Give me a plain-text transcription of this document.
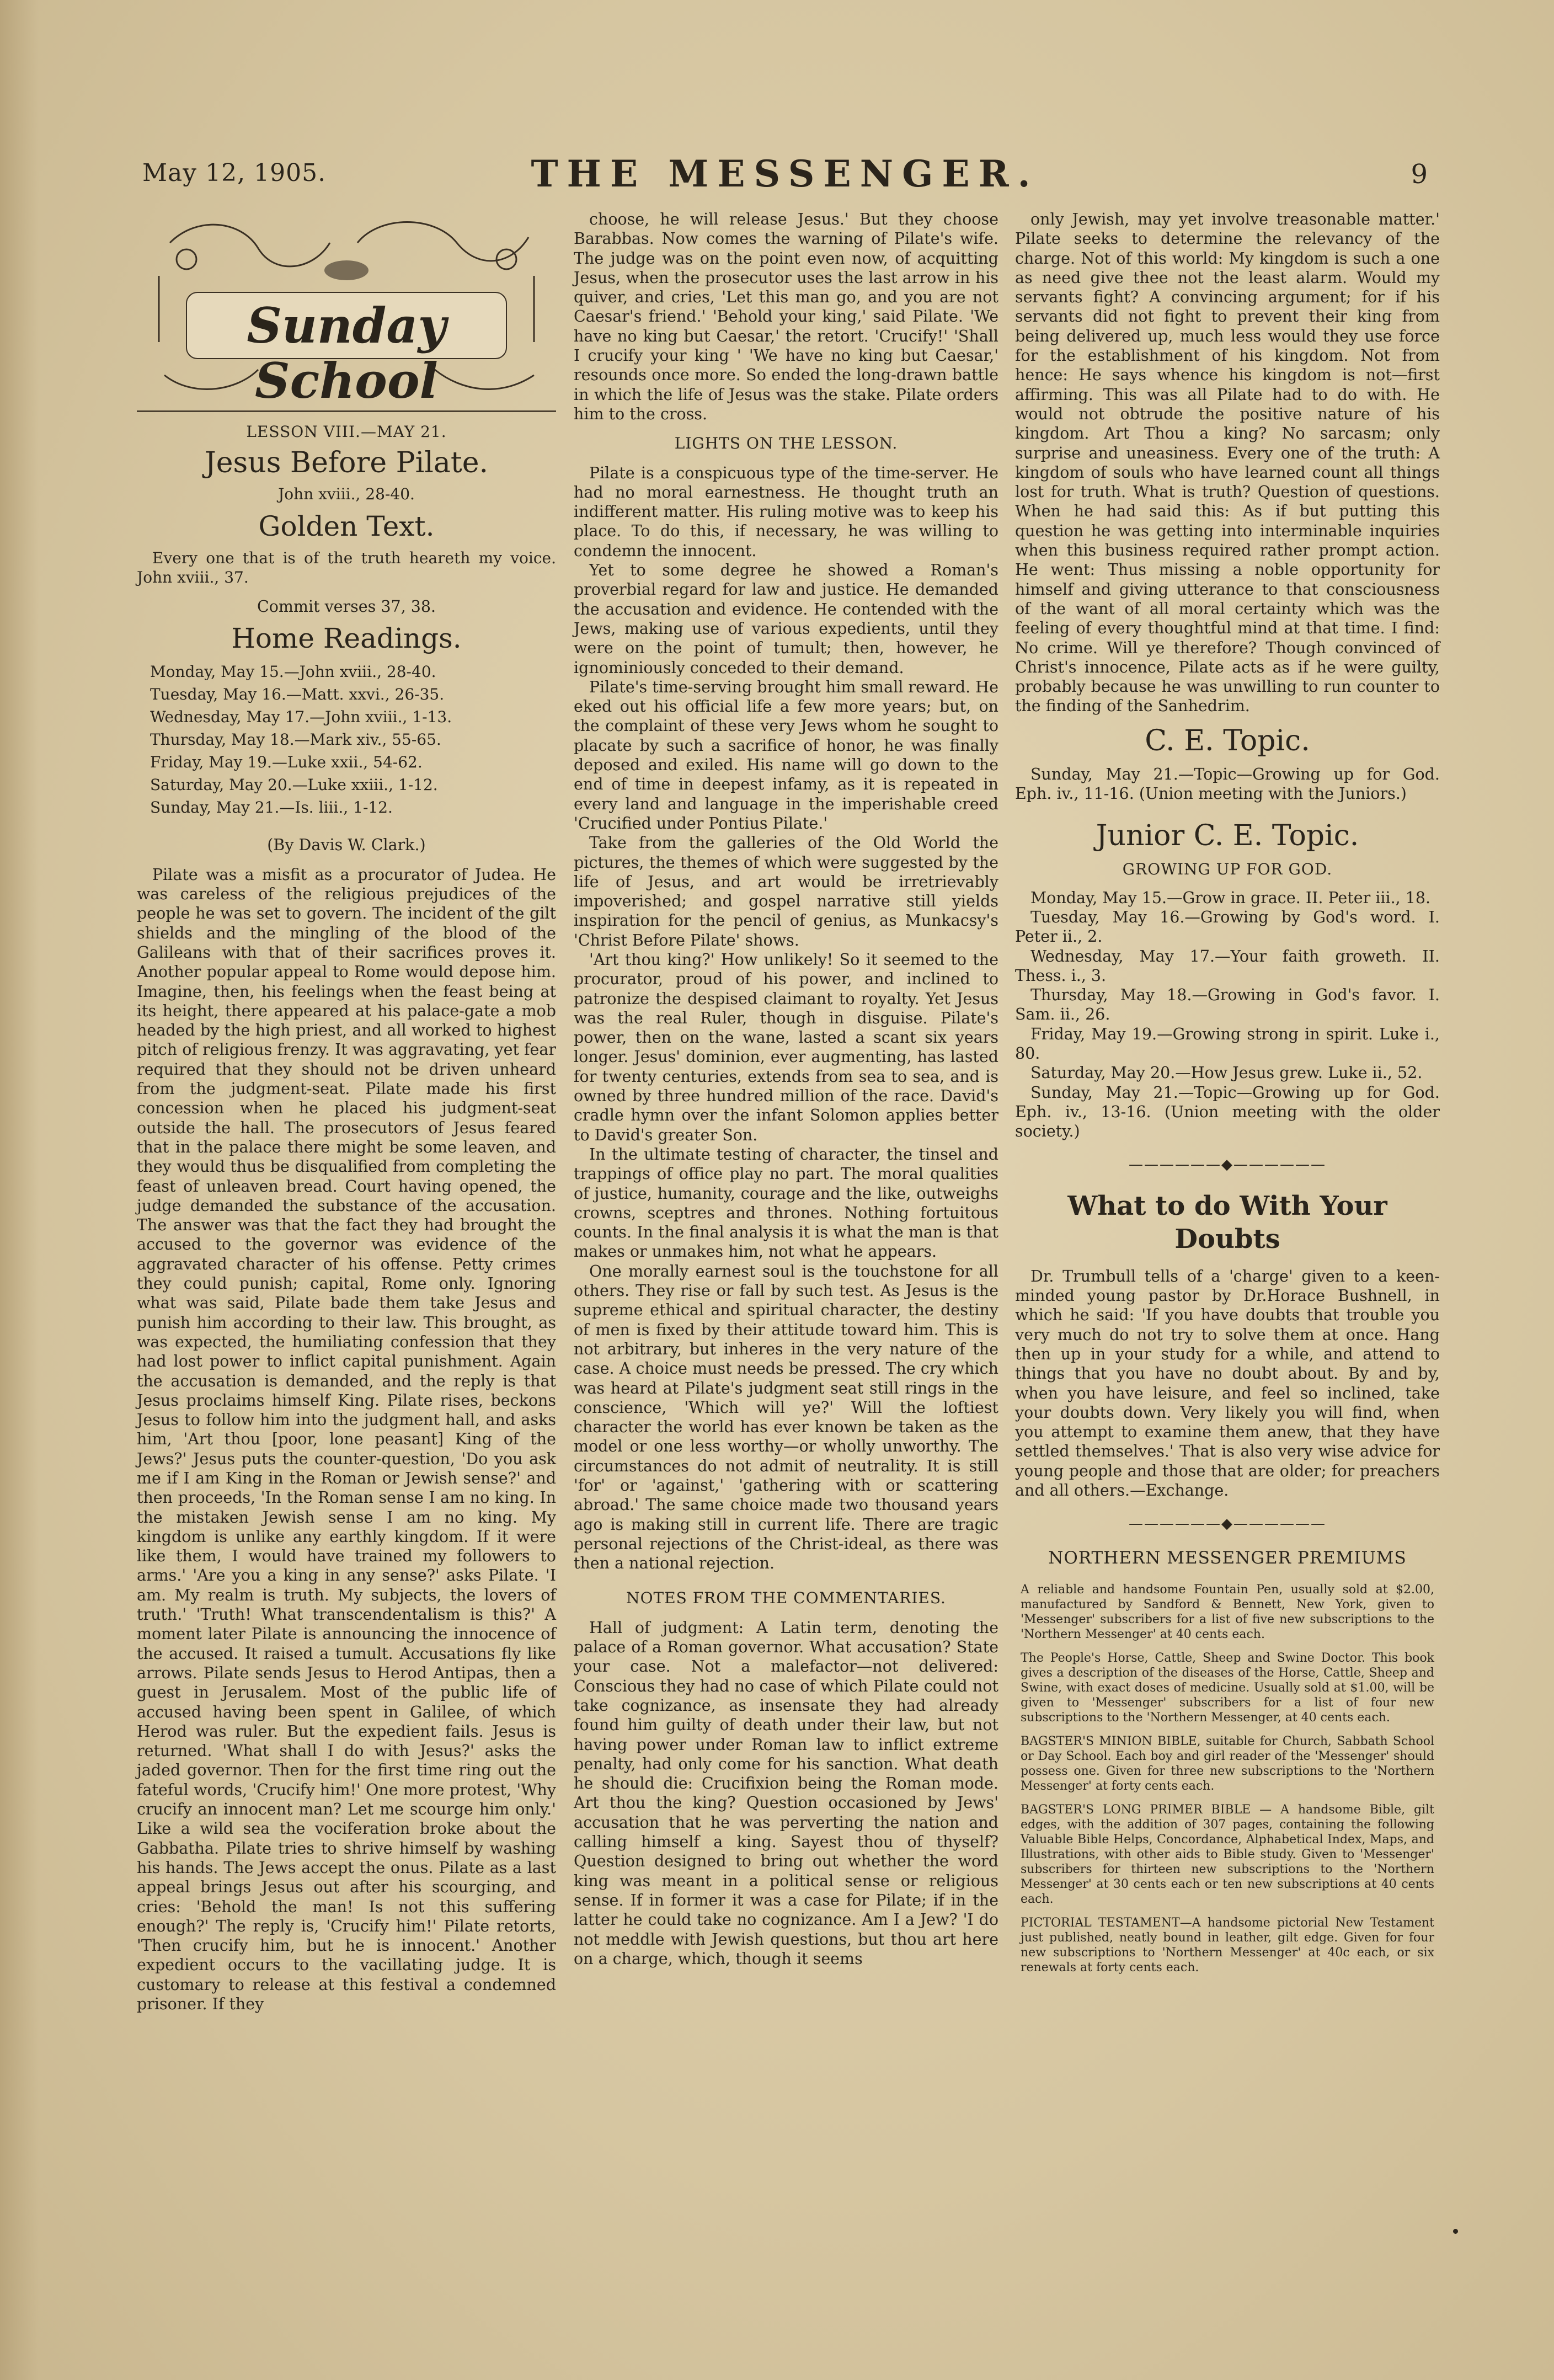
May 12, 1905.	THE MESSENGER.	9
Sunday School
LESSON VIII.—MAY 21.
Jesus Before Pilate.
John xviii., 28-40.
Golden Text.

Every one that is of the truth heareth my voice. John xviii., 37.

Commit verses 37, 38.
Home Readings.
Monday, May 15.—John xviii., 28-40.
Tuesday, May 16.—Matt. xxvi., 26-35.
Wednesday, May 17.—John xviii., 1-13.
Thursday, May 18.—Mark xiv., 55-65.
Friday, May 19.—Luke xxii., 54-62.
Saturday, May 20.—Luke xxiii., 1-12.
Sunday, May 21.—Is. liii., 1-12.
(By Davis W. Clark.)

Pilate was a misfit as a procurator of Judea. He was careless of the religious prejudices of the people he was set to govern. The incident of the gilt shields and the mingling of the blood of the Galileans with that of their sacrifices proves it. Another popular appeal to Rome would depose him. Imagine, then, his feelings when the feast being at its height, there appeared at his palace-gate a mob headed by the high priest, and all worked to highest pitch of religious frenzy. It was aggravating, yet fear required that they should not be driven unheard from the judgment-seat. Pilate made his first concession when he placed his judgment-seat outside the hall. The prosecutors of Jesus feared that in the palace there might be some leaven, and they would thus be disqualified from completing the feast of unleaven bread. Court having opened, the judge demanded the substance of the accusation. The answer was that the fact they had brought the accused to the governor was evidence of the aggravated character of his offense. Petty crimes they could punish; capital, Rome only. Ignoring what was said, Pilate bade them take Jesus and punish him according to their law. This brought, as was expected, the humiliating confession that they had lost power to inflict capital punishment. Again the accusation is demanded, and the reply is that Jesus proclaims himself King. Pilate rises, beckons Jesus to follow him into the judgment hall, and asks him, 'Art thou [poor, lone peasant] King of the Jews?' Jesus puts the counter-question, 'Do you ask me if I am King in the Roman or Jewish sense?' and then proceeds, 'In the Roman sense I am no king. In the mistaken Jewish sense I am no king. My kingdom is unlike any earthly kingdom. If it were like them, I would have trained my followers to arms.' 'Are you a king in any sense?' asks Pilate. 'I am. My realm is truth. My subjects, the lovers of truth.' 'Truth! What transcendentalism is this?' A moment later Pilate is announcing the innocence of the accused. It raised a tumult. Accusations fly like arrows. Pilate sends Jesus to Herod Antipas, then a guest in Jerusalem. Most of the public life of accused having been spent in Galilee, of which Herod was ruler. But the expedient fails. Jesus is returned. 'What shall I do with Jesus?' asks the jaded governor. Then for the first time ring out the fateful words, 'Crucify him!' One more protest, 'Why crucify an innocent man? Let me scourge him only.' Like a wild sea the vociferation broke about the Gabbatha. Pilate tries to shrive himself by washing his hands. The Jews accept the onus. Pilate as a last appeal brings Jesus out after his scourging, and cries: 'Behold the man! Is not this suffering enough?' The reply is, 'Crucify him!' Pilate retorts, 'Then crucify him, but he is innocent.' Another expedient occurs to the vacillating judge. It is customary to release at this festival a condemned prisoner. If they

choose, he will release Jesus.' But they choose Barabbas. Now comes the warning of Pilate's wife. The judge was on the point even now, of acquitting Jesus, when the prosecutor uses the last arrow in his quiver, and cries, 'Let this man go, and you are not Caesar's friend.' 'Behold your king,' said Pilate. 'We have no king but Caesar,' the retort. 'Crucify!' 'Shall I crucify your king ' 'We have no king but Caesar,' resounds once more. So ended the long-drawn battle in which the life of Jesus was the stake. Pilate orders him to the cross.

LIGHTS ON THE LESSON.

Pilate is a conspicuous type of the time-server. He had no moral earnestness. He thought truth an indifferent matter. His ruling motive was to keep his place. To do this, if necessary, he was willing to condemn the innocent.

Yet to some degree he showed a Roman's proverbial regard for law and justice. He demanded the accusation and evidence. He contended with the Jews, making use of various expedients, until they were on the point of tumult; then, however, he ignominiously conceded to their demand.

Pilate's time-serving brought him small reward. He eked out his official life a few more years; but, on the complaint of these very Jews whom he sought to placate by such a sacrifice of honor, he was finally deposed and exiled. His name will go down to the end of time in deepest infamy, as it is repeated in every land and language in the imperishable creed 'Crucified under Pontius Pilate.'

Take from the galleries of the Old World the pictures, the themes of which were suggested by the life of Jesus, and art would be irretrievably impoverished; and gospel narrative still yields inspiration for the pencil of genius, as Munkacsy's 'Christ Before Pilate' shows.

'Art thou king?' How unlikely! So it seemed to the procurator, proud of his power, and inclined to patronize the despised claimant to royalty. Yet Jesus was the real Ruler, though in disguise. Pilate's power, then on the wane, lasted a scant six years longer. Jesus' dominion, ever augmenting, has lasted for twenty centuries, extends from sea to sea, and is owned by three hundred million of the race. David's cradle hymn over the infant Solomon applies better to David's greater Son.

In the ultimate testing of character, the tinsel and trappings of office play no part. The moral qualities of justice, humanity, courage and the like, outweighs crowns, sceptres and thrones. Nothing fortuitous counts. In the final analysis it is what the man is that makes or unmakes him, not what he appears.

One morally earnest soul is the touchstone for all others. They rise or fall by such test. As Jesus is the supreme ethical and spiritual character, the destiny of men is fixed by their attitude toward him. This is not arbitrary, but inheres in the very nature of the case. A choice must needs be pressed. The cry which was heard at Pilate's judgment seat still rings in the conscience, 'Which will ye?' Will the loftiest character the world has ever known be taken as the model or one less worthy—or wholly unworthy. The circumstances do not admit of neutrality. It is still 'for' or 'against,' 'gathering with or scattering abroad.' The same choice made two thousand years ago is making still in current life. There are tragic personal rejections of the Christ-ideal, as there was then a national rejection.

NOTES FROM THE COMMENTARIES.

Hall of judgment: A Latin term, denoting the palace of a Roman governor. What accusation? State your case. Not a malefactor—not delivered: Conscious they had no case of which Pilate could not take cognizance, as insensate they had already found him guilty of death under their law, but not having power under Roman law to inflict extreme penalty, had only come for his sanction. What death he should die: Crucifixion being the Roman mode. Art thou the king? Question occasioned by Jews' accusation that he was perverting the nation and calling himself a king. Sayest thou of thyself? Question designed to bring out whether the word king was meant in a political sense or religious sense. If in former it was a case for Pilate; if in the latter he could take no cognizance. Am I a Jew? 'I do not meddle with Jewish questions, but thou art here on a charge, which, though it seems

only Jewish, may yet involve treasonable matter.' Pilate seeks to determine the relevancy of the charge. Not of this world: My kingdom is such a one as need give thee not the least alarm. Would my servants fight? A convincing argument; for if his servants did not fight to prevent their king from being delivered up, much less would they use force for the establishment of his kingdom. Not from hence: He says whence his kingdom is not—first affirming. This was all Pilate had to do with. He would not obtrude the positive nature of his kingdom. Art Thou a king? No sarcasm; only surprise and uneasiness. Every one of the truth: A kingdom of souls who have learned count all things lost for truth. What is truth? Question of questions. When he had said this: As if but putting this question he was getting into interminable inquiries when this business required rather prompt action. He went: Thus missing a noble opportunity for himself and giving utterance to that consciousness of the want of all moral certainty which was the feeling of every thoughtful mind at that time. I find: No crime. Will ye therefore? Though convinced of Christ's innocence, Pilate acts as if he were guilty, probably because he was unwilling to run counter to the finding of the Sanhedrim.

C. E. Topic.

Sunday, May 21.—Topic—Growing up for God. Eph. iv., 11-16. (Union meeting with the Juniors.)

Junior C. E. Topic.
GROWING UP FOR GOD.

Monday, May 15.—Grow in grace. II. Peter iii., 18.

Tuesday, May 16.—Growing by God's word. I. Peter ii., 2.

Wednesday, May 17.—Your faith groweth. II. Thess. i., 3.

Thursday, May 18.—Growing in God's favor. I. Sam. ii., 26.

Friday, May 19.—Growing strong in spirit. Luke i., 80.

Saturday, May 20.—How Jesus grew. Luke ii., 52.

Sunday, May 21.—Topic—Growing up for God. Eph. iv., 13-16. (Union meeting with the older society.)

——————◆——————
What to do With Your Doubts

Dr. Trumbull tells of a 'charge' given to a keen-minded young pastor by Dr.Horace Bushnell, in which he said: 'If you have doubts that trouble you very much do not try to solve them at once. Hang then up in your study for a while, and attend to things that you have no doubt about. By and by, when you have leisure, and feel so inclined, take your doubts down. Very likely you will find, when you attempt to examine them anew, that they have settled themselves.' That is also very wise advice for young people and those that are older; for preachers and all others.—Exchange.

——————◆——————
NORTHERN MESSENGER PREMIUMS

A reliable and handsome Fountain Pen, usually sold at $2.00, manufactured by Sandford & Bennett, New York, given to 'Messenger' subscribers for a list of five new subscriptions to the 'Northern Messenger' at 40 cents each.

The People's Horse, Cattle, Sheep and Swine Doctor. This book gives a description of the diseases of the Horse, Cattle, Sheep and Swine, with exact doses of medicine. Usually sold at $1.00, will be given to 'Messenger' subscribers for a list of four new subscriptions to the 'Northern Messenger, at 40 cents each.

BAGSTER'S MINION BIBLE, suitable for Church, Sabbath School or Day School. Each boy and girl reader of the 'Messenger' should possess one. Given for three new subscriptions to the 'Northern Messenger' at forty cents each.

BAGSTER'S LONG PRIMER BIBLE — A handsome Bible, gilt edges, with the addition of 307 pages, containing the following Valuable Bible Helps, Concordance, Alphabetical Index, Maps, and Illustrations, with other aids to Bible study. Given to 'Messenger' subscribers for thirteen new subscriptions to the 'Northern Messenger' at 30 cents each or ten new subscriptions at 40 cents each.

PICTORIAL TESTAMENT—A handsome pictorial New Testament just published, neatly bound in leather, gilt edge. Given for four new subscriptions to 'Northern Messenger' at 40c each, or six renewals at forty cents each.
